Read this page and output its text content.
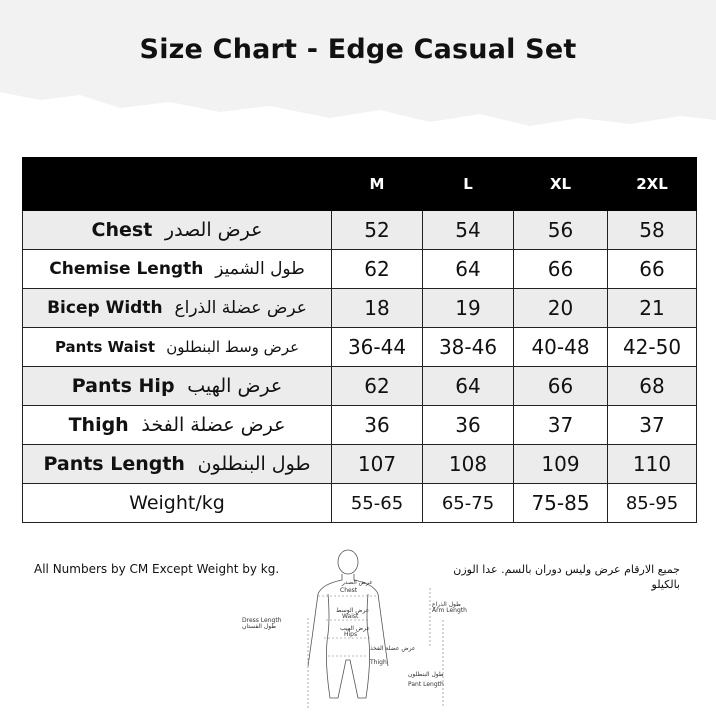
Size Chart - Edge Casual Set
	M	L	XL	2XL
Chest عرض الصدر	52	54	56	58
Chemise Length طول الشميز	62	64	66	66
Bicep Width عرض عضلة الذراع	18	19	20	21
Pants Waist عرض وسط البنطلون	36-44	38-46	40-48	42-50
Pants Hip عرض الهيب	62	64	66	68
Thigh عرض عضلة الفخذ	36	36	37	37
Pants Length طول البنطلون	107	108	109	110
Weight/kg	55-65	65-75	75-85	85-95
All Numbers by CM Except Weight by kg.	جميع الارقام عرض وليس دوران بالسم. عدا الوزن بالكيلو
عرض الصدر
Chest
عرض الوسط
Waist
طول الذراع
Arm Length
Dress Length
طول الفستان	عرض الهيب
Hips
عرض عضلة الفخذ
Thigh
طول البنطلون
Pant Length
